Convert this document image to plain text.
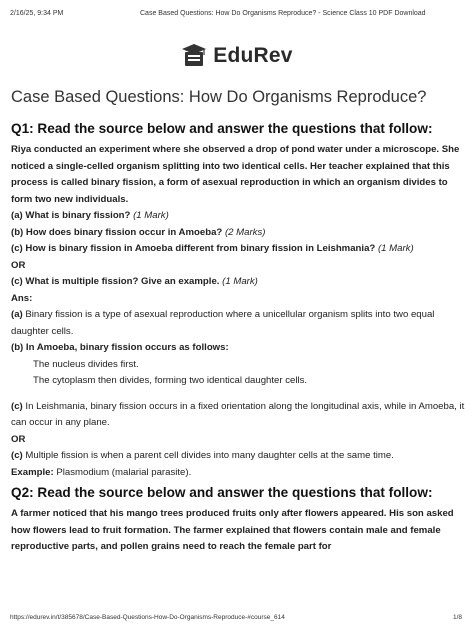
2/16/25, 9:34 PM	Case Based Questions: How Do Organisms Reproduce? - Science Class 10 PDF Download
EduRev
Case Based Questions: How Do Organisms Reproduce?
Q1: Read the source below and answer the questions that follow:

Riya conducted an experiment where she observed a drop of pond water under a microscope. She noticed a single-celled organism splitting into two identical cells. Her teacher explained that this process is called binary fission, a form of asexual reproduction in which an organism divides to form two new individuals.

(a) What is binary fission? (1 Mark)

(b) How does binary fission occur in Amoeba? (2 Marks)

(c) How is binary fission in Amoeba different from binary fission in Leishmania? (1 Mark)

OR

(c) What is multiple fission? Give an example. (1 Mark)

Ans:

(a) Binary fission is a type of asexual reproduction where a unicellular organism splits into two equal daughter cells.

(b) In Amoeba, binary fission occurs as follows:

The nucleus divides first.

The cytoplasm then divides, forming two identical daughter cells.

(c) In Leishmania, binary fission occurs in a fixed orientation along the longitudinal axis, while in Amoeba, it can occur in any plane.

OR

(c) Multiple fission is when a parent cell divides into many daughter cells at the same time.

Example: Plasmodium (malarial parasite).

Q2: Read the source below and answer the questions that follow:

A farmer noticed that his mango trees produced fruits only after flowers appeared. His son asked how flowers lead to fruit formation. The farmer explained that flowers contain male and female reproductive parts, and pollen grains need to reach the female part for

https://edurev.in/t/385678/Case-Based-Questions-How-Do-Organisms-Reproduce-#course_614	1/8
